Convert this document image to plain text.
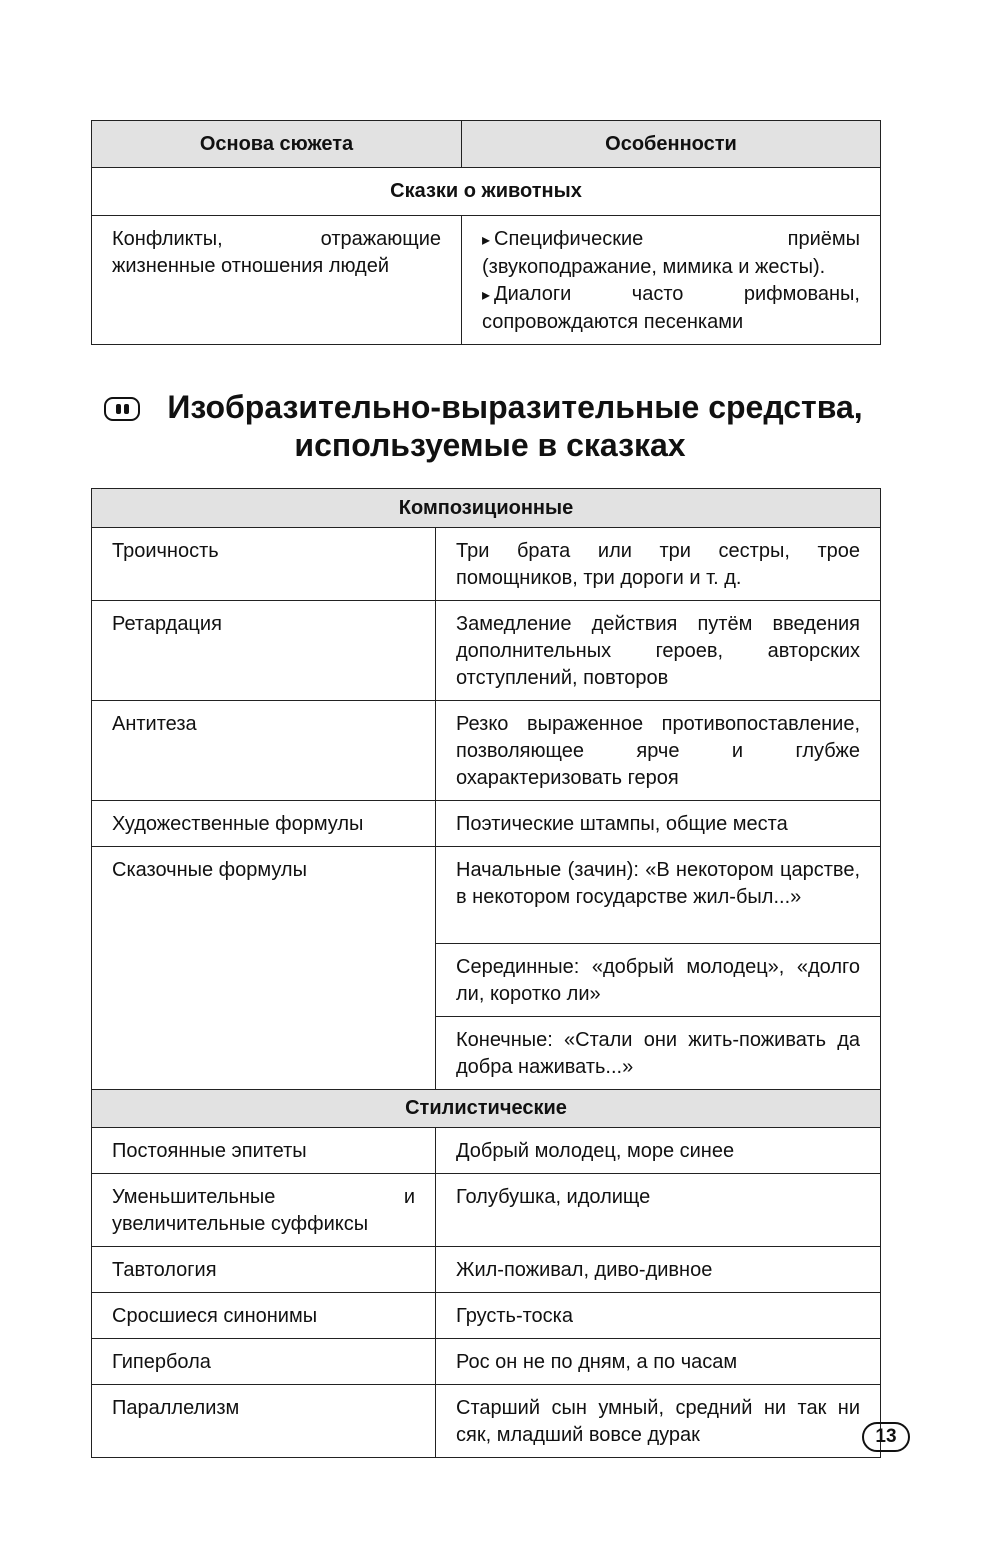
Основа сюжета	Особенности
Сказки о животных	
Конфликты, отражающие жизненные отношения людей	▸ Специфические приёмы (звукоподражание, мимика и жесты).
▸ Диалоги часто рифмованы, сопровождаются песенками
Изобразительно-выразительные средства,
используемые в сказках
Композиционные	
Троичность	Три брата или три сестры, трое помощников, три дороги и т. д.
Ретардация	Замедление действия путём введения дополнительных героев, авторских отступлений, повторов
Антитеза	Резко выраженное противопоставление, позволяющее ярче и глубже охарактеризовать героя
Художественные формулы	Поэтические штампы, общие места
Сказочные формулы	Начальные (зачин): «В некотором царстве, в некотором государстве жил-был...»
	Серединные: «добрый молодец», «долго ли, коротко ли»
	Конечные: «Стали они жить-поживать да добра наживать...»
Стилистические	
Постоянные эпитеты	Добрый молодец, море синее
Уменьшительные и увеличительные суффиксы	Голубушка, идолище
Тавтология	Жил-поживал, диво-дивное
Сросшиеся синонимы	Грусть-тоска
Гипербола	Рос он не по дням, а по часам
Параллелизм	Старший сын умный, средний ни так ни сяк, младший вовсе дурак	13
